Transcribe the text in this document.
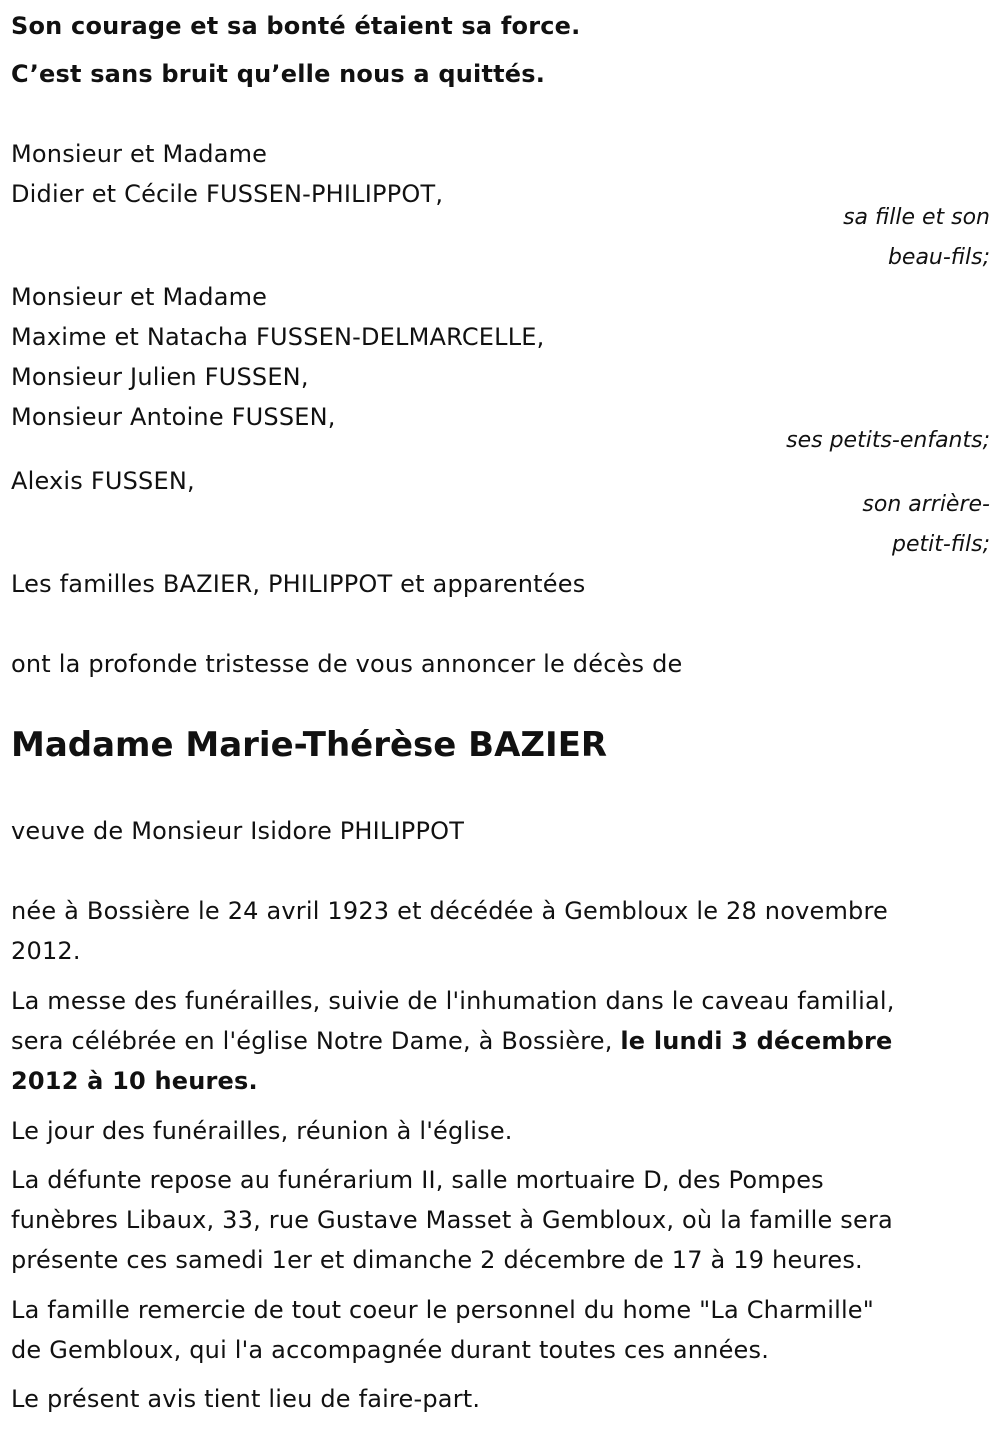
Son courage et sa bonté étaient sa force.
C’est sans bruit qu’elle nous a quittés.
Monsieur et Madame
Didier et Cécile FUSSEN-PHILIPPOT,
sa fille et son
beau-fils;
Monsieur et Madame
Maxime et Natacha FUSSEN-DELMARCELLE,
Monsieur Julien FUSSEN,
Monsieur Antoine FUSSEN,
ses petits-enfants;
Alexis FUSSEN,
son arrière-
petit-fils;
Les familles BAZIER, PHILIPPOT et apparentées
ont la profonde tristesse de vous annoncer le décès de
Madame Marie-Thérèse BAZIER
veuve de Monsieur Isidore PHILIPPOT
née à Bossière le 24 avril 1923 et décédée à Gembloux le 28 novembre
2012.
La messe des funérailles, suivie de l'inhumation dans le caveau familial,
sera célébrée en l'église Notre Dame, à Bossière, le lundi 3 décembre
2012 à 10 heures.
Le jour des funérailles, réunion à l'église.
La défunte repose au funérarium II, salle mortuaire D, des Pompes
funèbres Libaux, 33, rue Gustave Masset à Gembloux, où la famille sera
présente ces samedi 1er et dimanche 2 décembre de 17 à 19 heures.
La famille remercie de tout coeur le personnel du home "La Charmille"
de Gembloux, qui l'a accompagnée durant toutes ces années.
Le présent avis tient lieu de faire-part.
